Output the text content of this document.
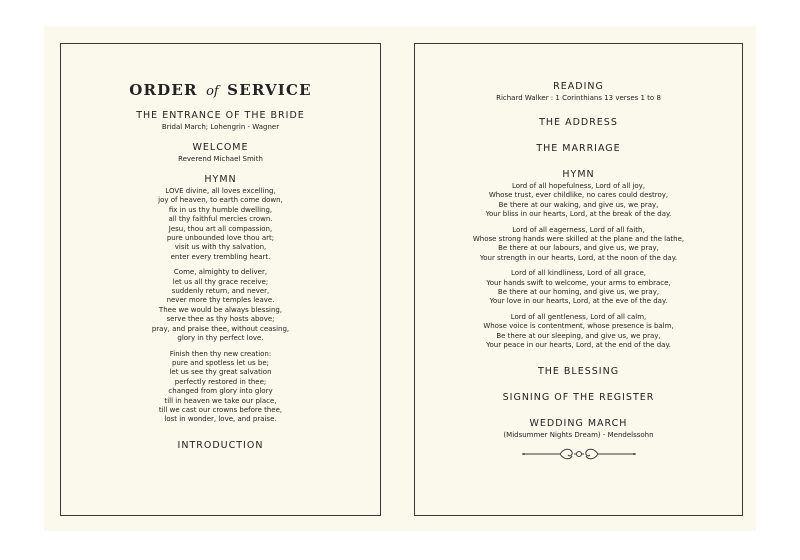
ORDER of SERVICE
THE ENTRANCE OF THE BRIDE
Bridal March; Lohengrin - Wagner
WELCOME
Reverend Michael Smith
HYMN
LOVE divine, all loves excelling,
joy of heaven, to earth come down,
fix in us thy humble dwelling,
all thy faithful mercies crown.
Jesu, thou art all compassion,
pure unbounded love thou art;
visit us with thy salvation,
enter every trembling heart.
Come, almighty to deliver,
let us all thy grace receive;
suddenly return, and never,
never more thy temples leave.
Thee we would be always blessing,
serve thee as thy hosts above;
pray, and praise thee, without ceasing,
glory in thy perfect love.
Finish then thy new creation:
pure and spotless let us be;
let us see thy great salvation
perfectly restored in thee;
changed from glory into glory
till in heaven we take our place,
till we cast our crowns before thee,
lost in wonder, love, and praise.
INTRODUCTION
READING
Richard Walker : 1 Corinthians 13 verses 1 to 8
THE ADDRESS
THE MARRIAGE
HYMN
Lord of all hopefulness, Lord of all joy,
Whose trust, ever childlike, no cares could destroy,
Be there at our waking, and give us, we pray,
Your bliss in our hearts, Lord, at the break of the day.
Lord of all eagerness, Lord of all faith,
Whose strong hands were skilled at the plane and the lathe,
Be there at our labours, and give us, we pray,
Your strength in our hearts, Lord, at the noon of the day.
Lord of all kindliness, Lord of all grace,
Your hands swift to welcome, your arms to embrace,
Be there at our homing, and give us, we pray,
Your love in our hearts, Lord, at the eve of the day.
Lord of all gentleness, Lord of all calm,
Whose voice is contentment, whose presence is balm,
Be there at our sleeping, and give us, we pray,
Your peace in our hearts, Lord, at the end of the day.
THE BLESSING
SIGNING OF THE REGISTER
WEDDING MARCH
(Midsummer Nights Dream) - Mendelssohn
